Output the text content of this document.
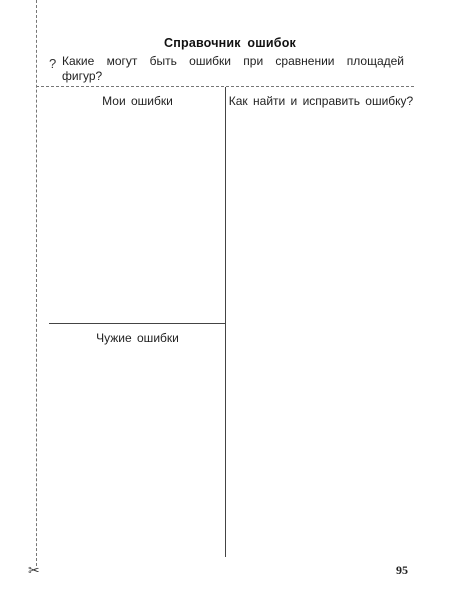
✂
Справочник ошибок
? Какие могут быть ошибки при сравнении площадей фигур?
Мои ошибки	Как найти и исправить ошибку?
Чужие ошибки
95
